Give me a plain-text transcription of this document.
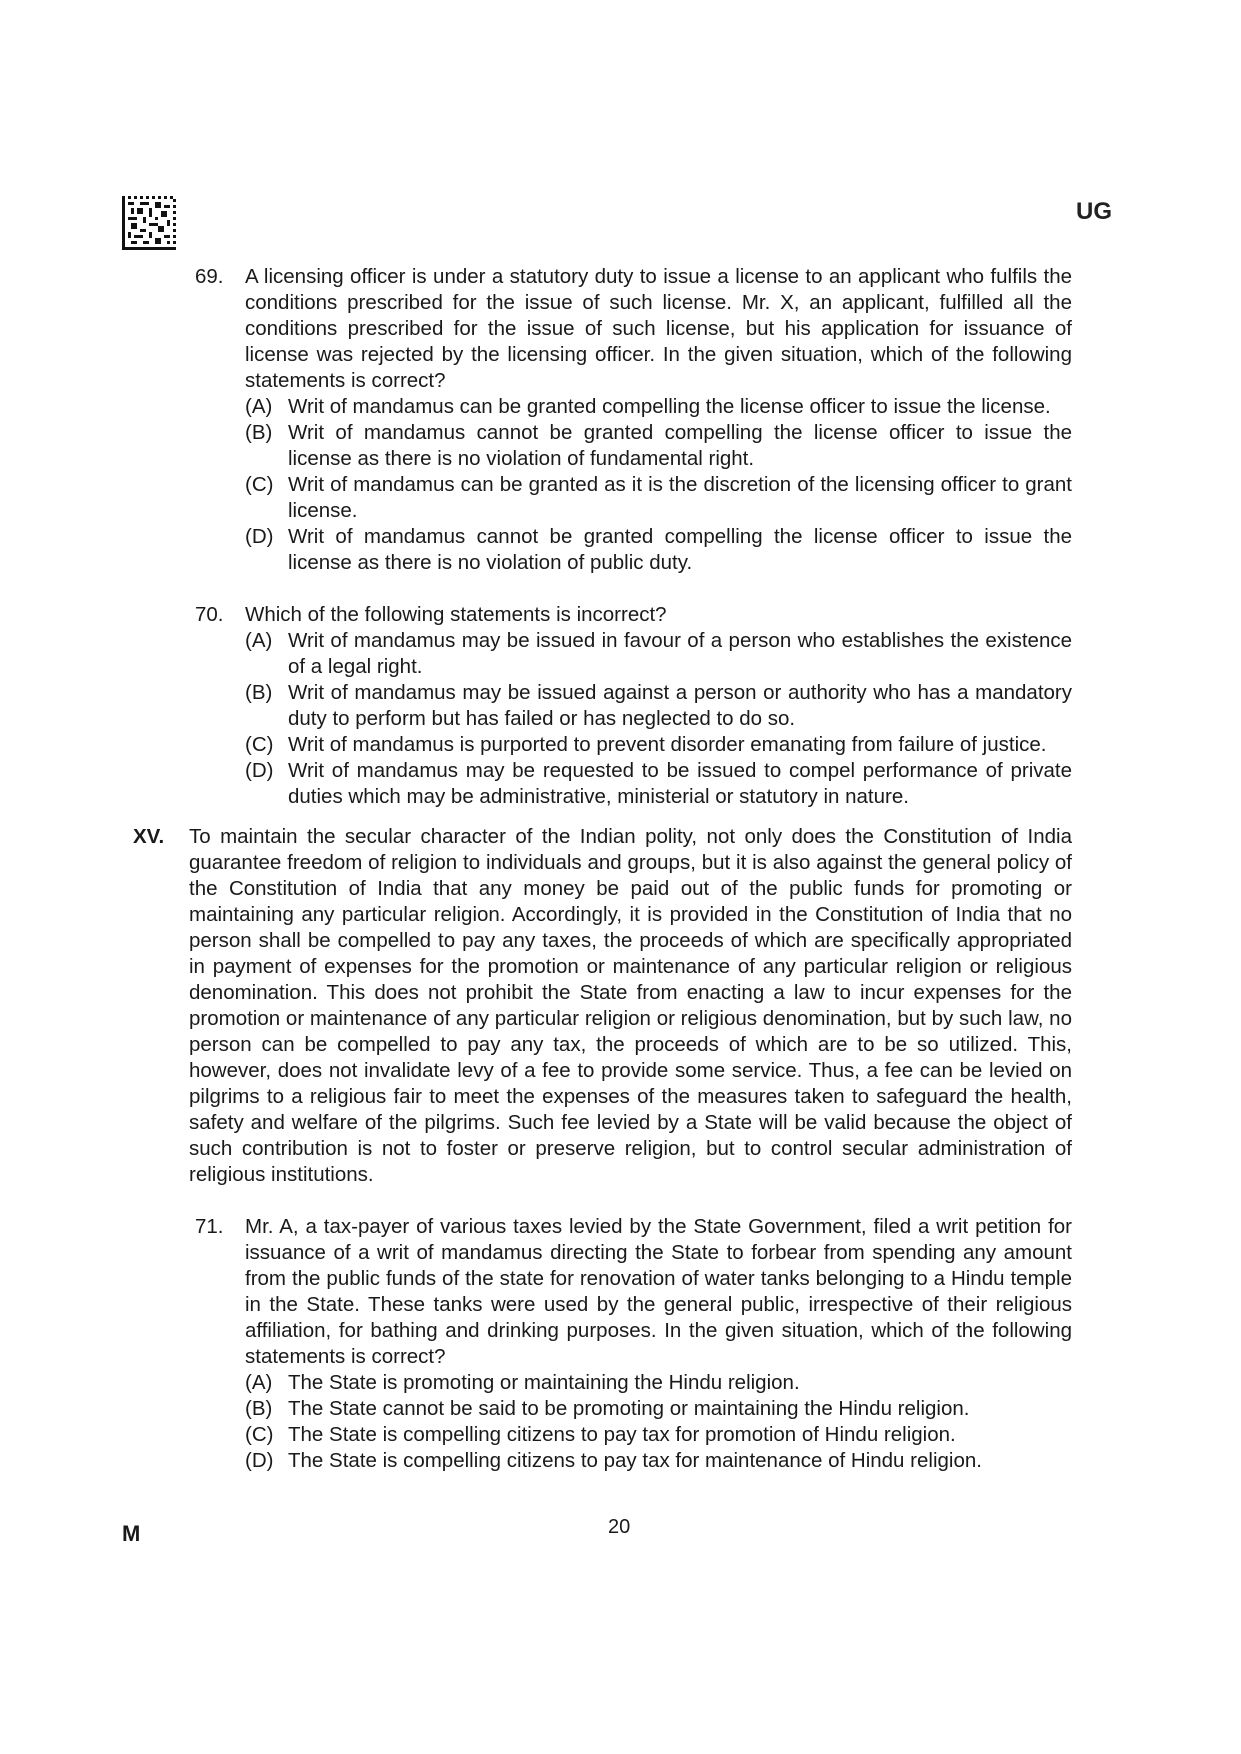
UG
69. A licensing officer is under a statutory duty to issue a license to an applicant who fulfils the conditions prescribed for the issue of such license. Mr. X, an applicant, fulfilled all the conditions prescribed for the issue of such license, but his application for issuance of license was rejected by the licensing officer. In the given situation, which of the following statements is correct?
(A) Writ of mandamus can be granted compelling the license officer to issue the license.
(B) Writ of mandamus cannot be granted compelling the license officer to issue the license as there is no violation of fundamental right.
(C) Writ of mandamus can be granted as it is the discretion of the licensing officer to grant license.
(D) Writ of mandamus cannot be granted compelling the license officer to issue the license as there is no violation of public duty.
70. Which of the following statements is incorrect?
(A) Writ of mandamus may be issued in favour of a person who establishes the existence of a legal right.
(B) Writ of mandamus may be issued against a person or authority who has a mandatory duty to perform but has failed or has neglected to do so.
(C) Writ of mandamus is purported to prevent disorder emanating from failure of justice.
(D) Writ of mandamus may be requested to be issued to compel performance of private duties which may be administrative, ministerial or statutory in nature.
XV. To maintain the secular character of the Indian polity, not only does the Constitution of India guarantee freedom of religion to individuals and groups, but it is also against the general policy of the Constitution of India that any money be paid out of the public funds for promoting or maintaining any particular religion. Accordingly, it is provided in the Constitution of India that no person shall be compelled to pay any taxes, the proceeds of which are specifically appropriated in payment of expenses for the promotion or maintenance of any particular religion or religious denomination. This does not prohibit the State from enacting a law to incur expenses for the promotion or maintenance of any particular religion or religious denomination, but by such law, no person can be compelled to pay any tax, the proceeds of which are to be so utilized. This, however, does not invalidate levy of a fee to provide some service. Thus, a fee can be levied on pilgrims to a religious fair to meet the expenses of the measures taken to safeguard the health, safety and welfare of the pilgrims. Such fee levied by a State will be valid because the object of such contribution is not to foster or preserve religion, but to control secular administration of religious institutions.
71. Mr. A, a tax-payer of various taxes levied by the State Government, filed a writ petition for issuance of a writ of mandamus directing the State to forbear from spending any amount from the public funds of the state for renovation of water tanks belonging to a Hindu temple in the State. These tanks were used by the general public, irrespective of their religious affiliation, for bathing and drinking purposes. In the given situation, which of the following statements is correct?
(A) The State is promoting or maintaining the Hindu religion.
(B) The State cannot be said to be promoting or maintaining the Hindu religion.
(C) The State is compelling citizens to pay tax for promotion of Hindu religion.
(D) The State is compelling citizens to pay tax for maintenance of Hindu religion.
M	20
